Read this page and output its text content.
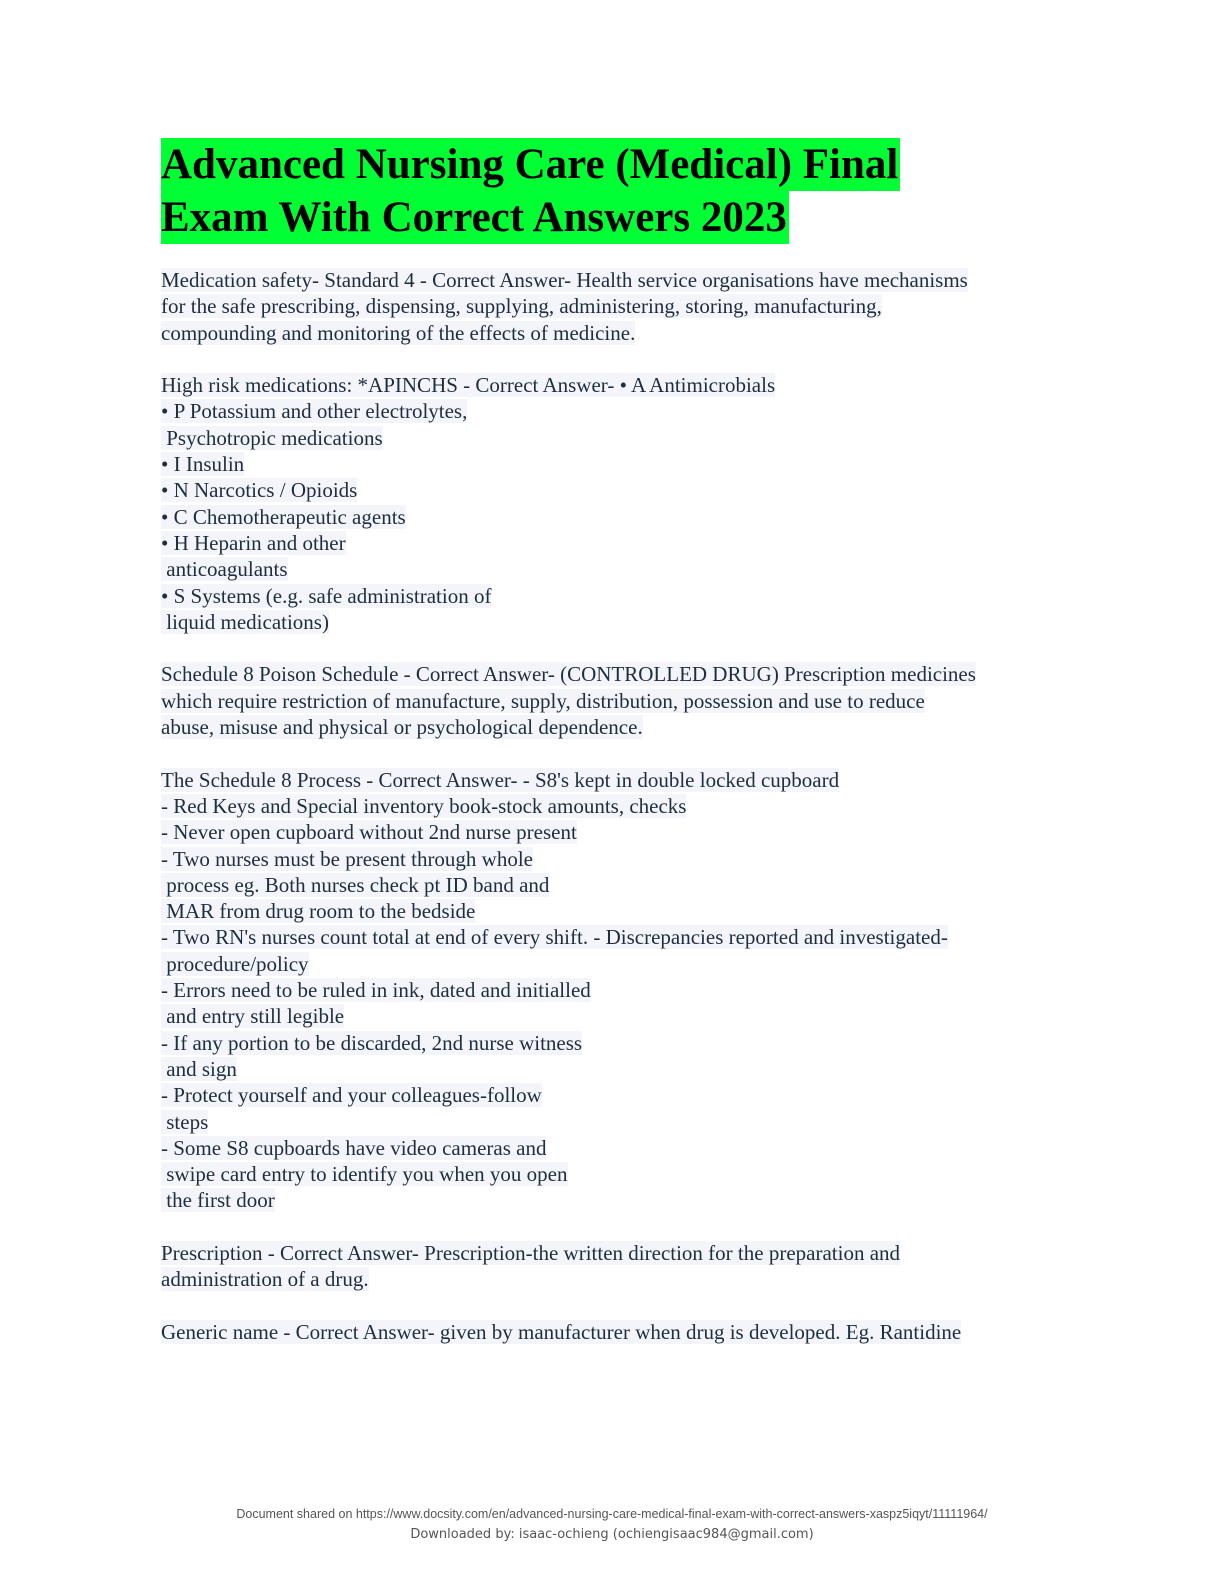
Advanced Nursing Care (Medical) Final
Exam With Correct Answers 2023
Medication safety- Standard 4 - Correct Answer- Health service organisations have mechanisms
for the safe prescribing, dispensing, supplying, administering, storing, manufacturing,
compounding and monitoring of the effects of medicine.
High risk medications: *APINCHS - Correct Answer- • A Antimicrobials
• P Potassium and other electrolytes,
Psychotropic medications
• I Insulin
• N Narcotics / Opioids
• C Chemotherapeutic agents
• H Heparin and other
anticoagulants
• S Systems (e.g. safe administration of
liquid medications)
Schedule 8 Poison Schedule - Correct Answer- (CONTROLLED DRUG) Prescription medicines
which require restriction of manufacture, supply, distribution, possession and use to reduce
abuse, misuse and physical or psychological dependence.
The Schedule 8 Process - Correct Answer- - S8's kept in double locked cupboard
- Red Keys and Special inventory book-stock amounts, checks
- Never open cupboard without 2nd nurse present
- Two nurses must be present through whole
process eg. Both nurses check pt ID band and
MAR from drug room to the bedside
- Two RN's nurses count total at end of every shift. - Discrepancies reported and investigated-
procedure/policy
- Errors need to be ruled in ink, dated and initialled
and entry still legible
- If any portion to be discarded, 2nd nurse witness
and sign
- Protect yourself and your colleagues-follow
steps
- Some S8 cupboards have video cameras and
swipe card entry to identify you when you open
the first door
Prescription - Correct Answer- Prescription-the written direction for the preparation and
administration of a drug.
Generic name - Correct Answer- given by manufacturer when drug is developed. Eg. Rantidine
Document shared on https://www.docsity.com/en/advanced-nursing-care-medical-final-exam-with-correct-answers-xaspz5iqyt/11111964/
Downloaded by: isaac-ochieng (ochiengisaac984@gmail.com)
